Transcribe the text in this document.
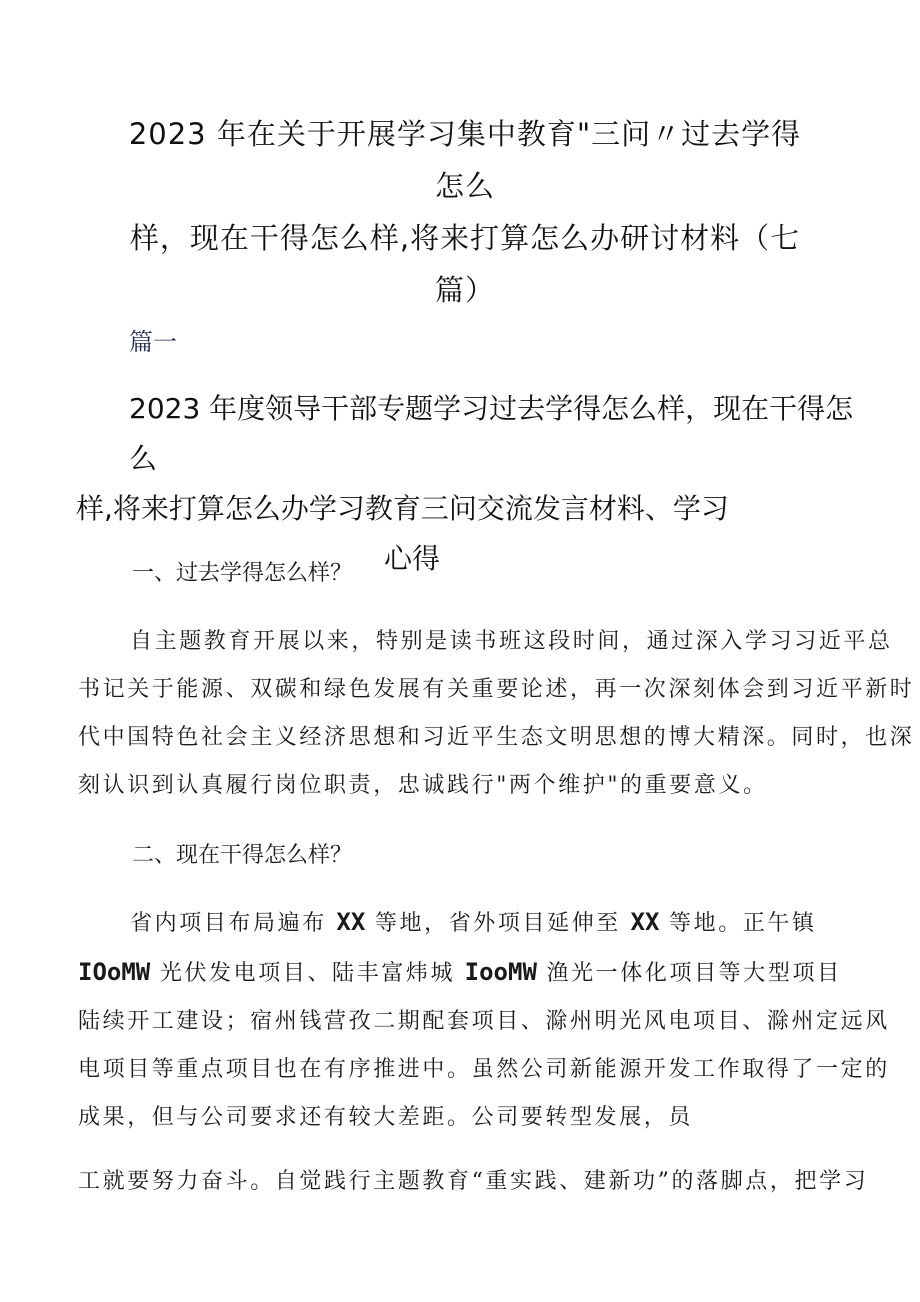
2023 年在关于开展学习集中教育"三问〃过去学得怎么
样，现在干得怎么样,将来打算怎么办研讨材料（七
篇）
篇一
2023 年度领导干部专题学习过去学得怎么样，现在干得怎么
样,将来打算怎么办学习教育三问交流发言材料、学习
心得
一、过去学得怎么样？
自主题教育开展以来，特别是读书班这段时间，通过深入学习习近平总
书记关于能源、双碳和绿色发展有关重要论述，再一次深刻体会到习近平新时
代中国特色社会主义经济思想和习近平生态文明思想的博大精深。同时，也深
刻认识到认真履行岗位职责，忠诚践行"两个维护"的重要意义。
二、现在干得怎么样？
省内项目布局遍布 XX 等地，省外项目延伸至 XX 等地。正午镇
IOoMW 光伏发电项目、陆丰富炜城 IooMW 渔光一体化项目等大型项目
陆续开工建设；宿州钱营孜二期配套项目、滁州明光风电项目、滁州定远风
电项目等重点项目也在有序推进中。虽然公司新能源开发工作取得了一定的
成果，但与公司要求还有较大差距。公司要转型发展，员
工就要努力奋斗。自觉践行主题教育“重实践、建新功”的落脚点，把学习
